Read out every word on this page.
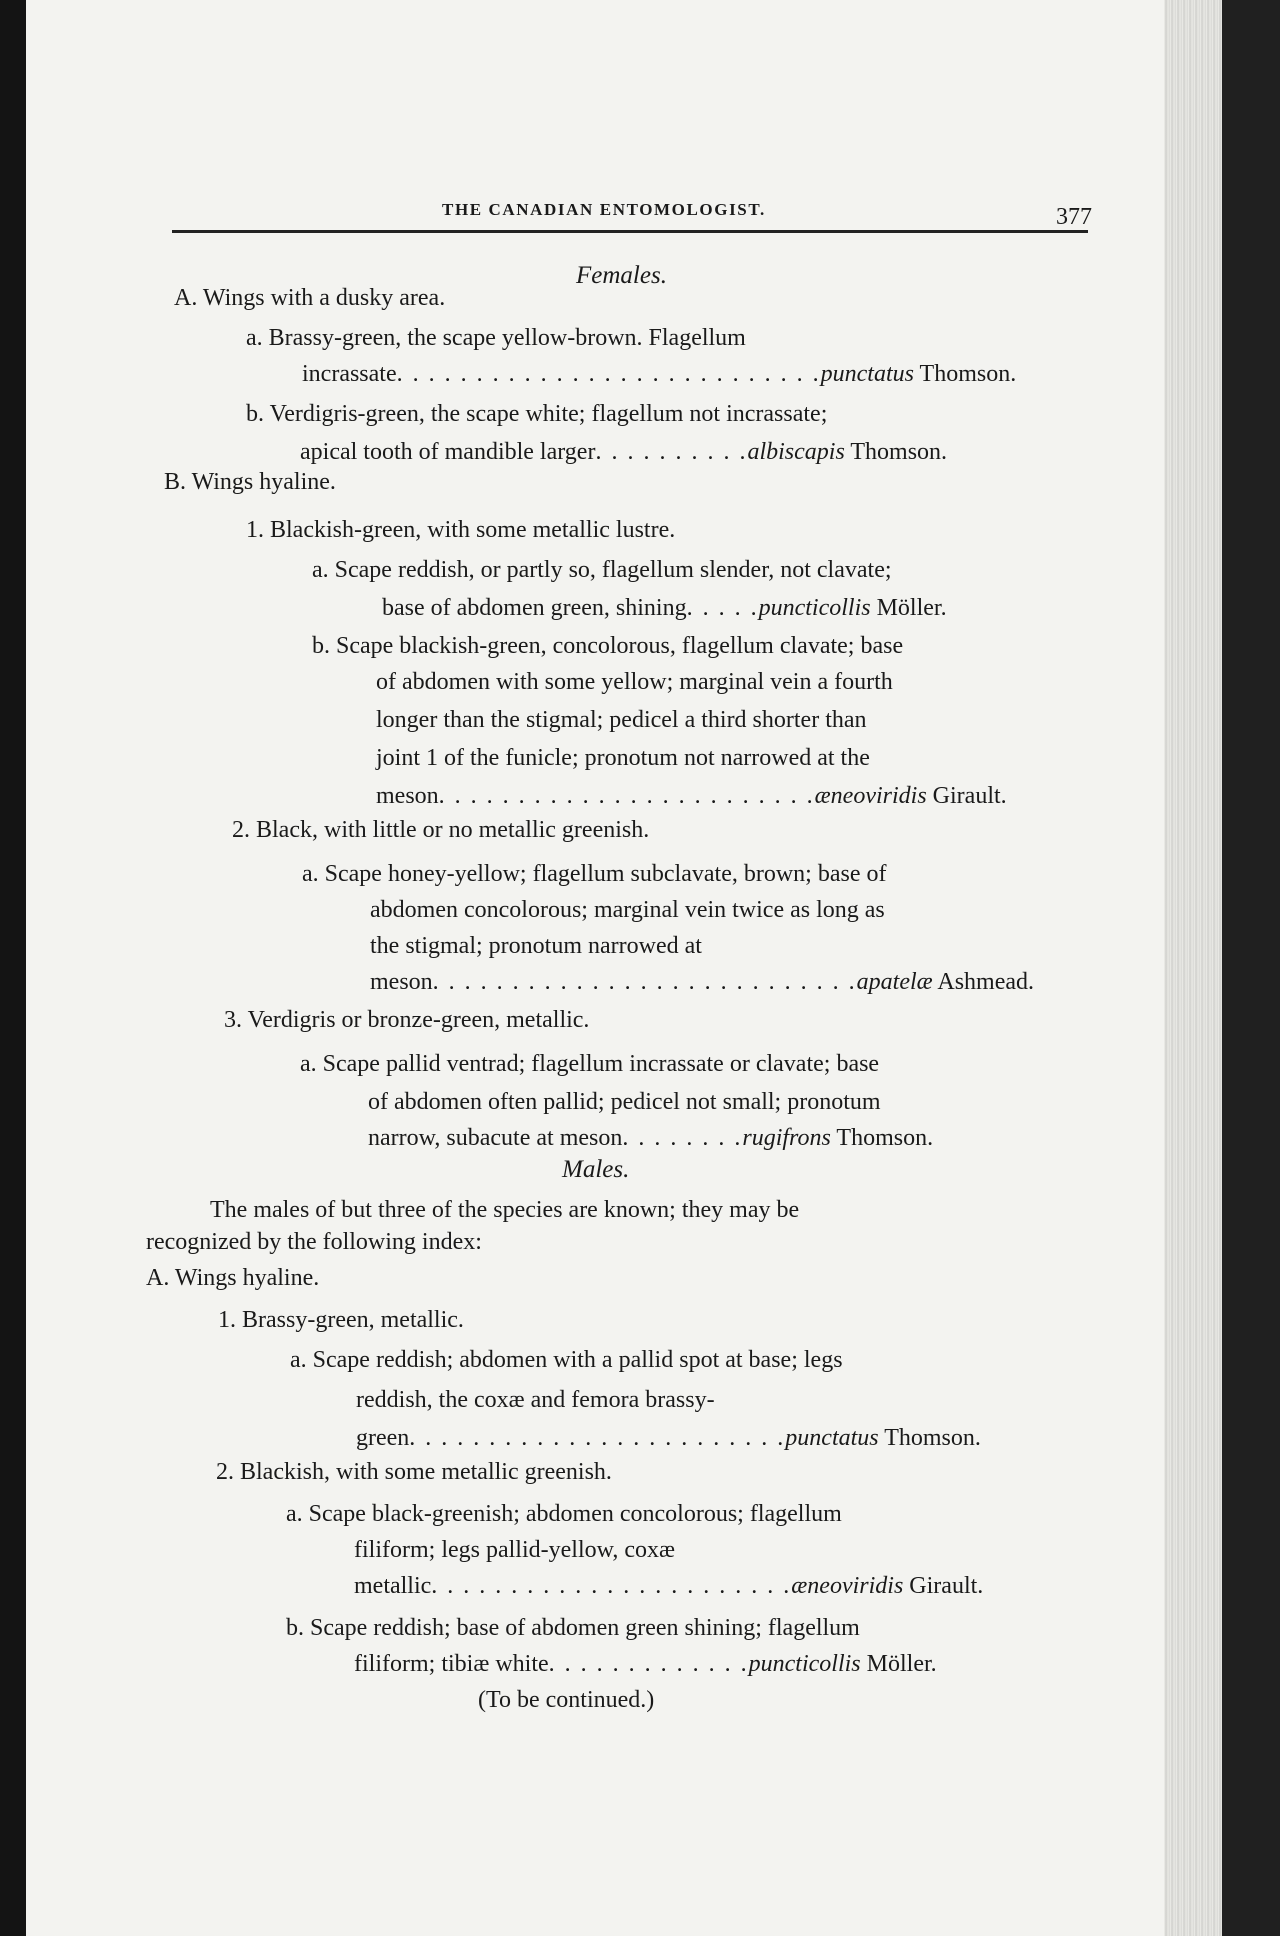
THE CANADIAN ENTOMOLOGIST.	377
Females.
A. Wings with a dusky area.
a. Brassy-green, the scape yellow-brown. Flagellum
incrassate. . . . . . . . . . . . . . . . . . . . . . . . . . .punctatus Thomson.
b. Verdigris-green, the scape white; flagellum not incrassate;
apical tooth of mandible larger. . . . . . . . . .albiscapis Thomson.
B. Wings hyaline.
1. Blackish-green, with some metallic lustre.
a. Scape reddish, or partly so, flagellum slender, not clavate;
base of abdomen green, shining. . . . .puncticollis Möller.
b. Scape blackish-green, concolorous, flagellum clavate; base
of abdomen with some yellow; marginal vein a fourth
longer than the stigmal; pedicel a third shorter than
joint 1 of the funicle; pronotum not narrowed at the
meson. . . . . . . . . . . . . . . . . . . . . . . .æneoviridis Girault.
2. Black, with little or no metallic greenish.
a. Scape honey-yellow; flagellum subclavate, brown; base of
abdomen concolorous; marginal vein twice as long as
the stigmal; pronotum narrowed at
meson. . . . . . . . . . . . . . . . . . . . . . . . . . .apatelæ Ashmead.
3. Verdigris or bronze-green, metallic.
a. Scape pallid ventrad; flagellum incrassate or clavate; base
of abdomen often pallid; pedicel not small; pronotum
narrow, subacute at meson. . . . . . . .rugifrons Thomson.
Males.
The males of but three of the species are known; they may be
recognized by the following index:
A. Wings hyaline.
1. Brassy-green, metallic.
a. Scape reddish; abdomen with a pallid spot at base; legs
reddish, the coxæ and femora brassy-
green. . . . . . . . . . . . . . . . . . . . . . . .punctatus Thomson.
2. Blackish, with some metallic greenish.
a. Scape black-greenish; abdomen concolorous; flagellum
filiform; legs pallid-yellow, coxæ
metallic. . . . . . . . . . . . . . . . . . . . . . .æneoviridis Girault.
b. Scape reddish; base of abdomen green shining; flagellum
filiform; tibiæ white. . . . . . . . . . . . .puncticollis Möller.
(To be continued.)
